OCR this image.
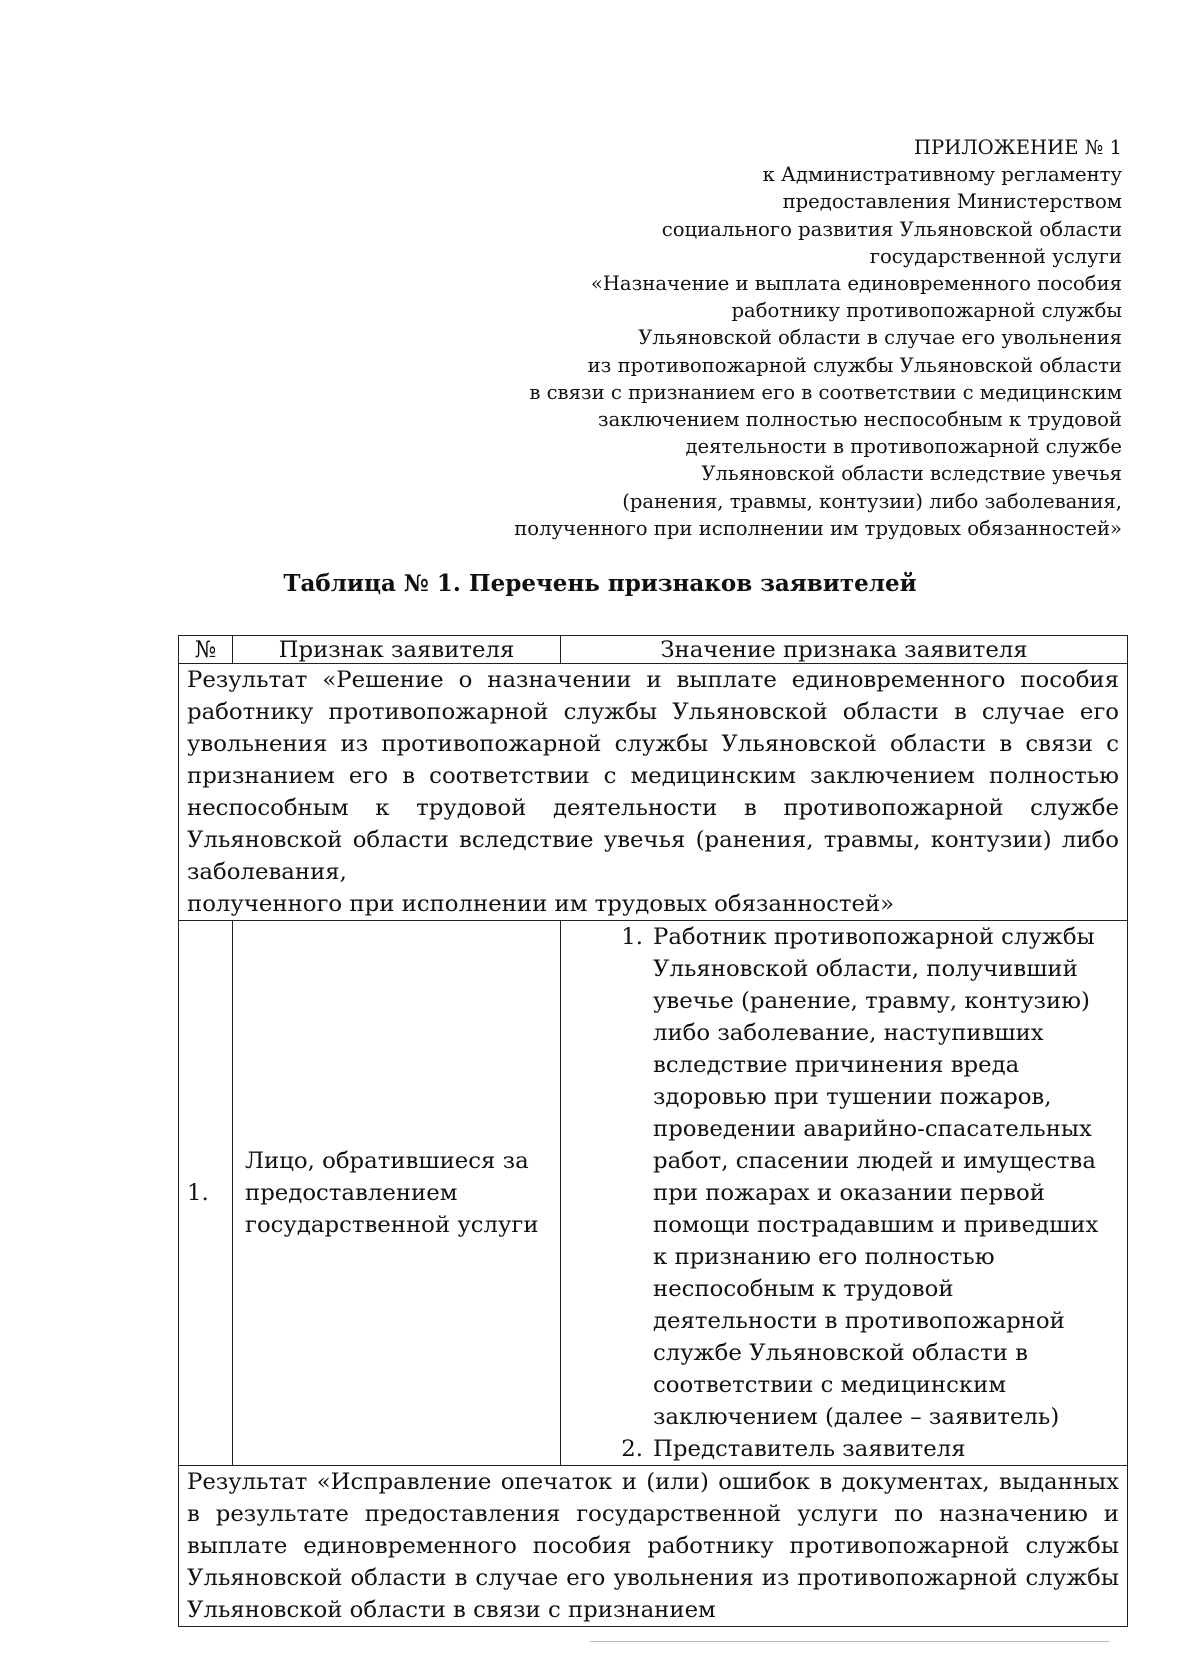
ПРИЛОЖЕНИЕ № 1
к Административному регламенту
предоставления Министерством
социального развития Ульяновской области
государственной услуги
«Назначение и выплата единовременного пособия
работнику противопожарной службы
Ульяновской области в случае его увольнения
из противопожарной службы Ульяновской области
в связи с признанием его в соответствии с медицинским
заключением полностью неспособным к трудовой
деятельности в противопожарной службе
Ульяновской области вследствие увечья
(ранения, травмы, контузии) либо заболевания,
полученного при исполнении им трудовых обязанностей»
Таблица № 1. Перечень признаков заявителей
№	Признак заявителя	Значение признака заявителя

Результат «Решение о назначении и выплате единовременного пособия работнику противопожарной службы Ульяновской области в случае его увольнения из противопожарной службы Ульяновской области в связи с признанием его в соответствии с медицинским заключением полностью неспособным к трудовой деятельности в противопожарной службе Ульяновской области вследствие увечья (ранения, травмы, контузии) либо заболевания,
полученного при исполнении им трудовых обязанностей»		

1.	Лицо, обратившиеся за предоставлением государственной услуги	1. Работник противопожарной службы Ульяновской области, получивший увечье (ранение, травму, контузию) либо заболевание, наступивших вследствие причинения вреда здоровью при тушении пожаров, проведении аварийно-спасательных работ, спасении людей и имущества при пожарах и оказании первой помощи пострадавшим и приведших к признанию его полностью неспособным к трудовой деятельности в противопожарной службе Ульяновской области в соответствии с медицинским заключением (далее – заявитель)
2. Представитель заявителя

Результат «Исправление опечаток и (или) ошибок в документах, выданных в результате предоставления государственной услуги по назначению и выплате единовременного пособия работнику противопожарной службы Ульяновской области в случае его увольнения из противопожарной службы Ульяновской области в связи с признанием		
